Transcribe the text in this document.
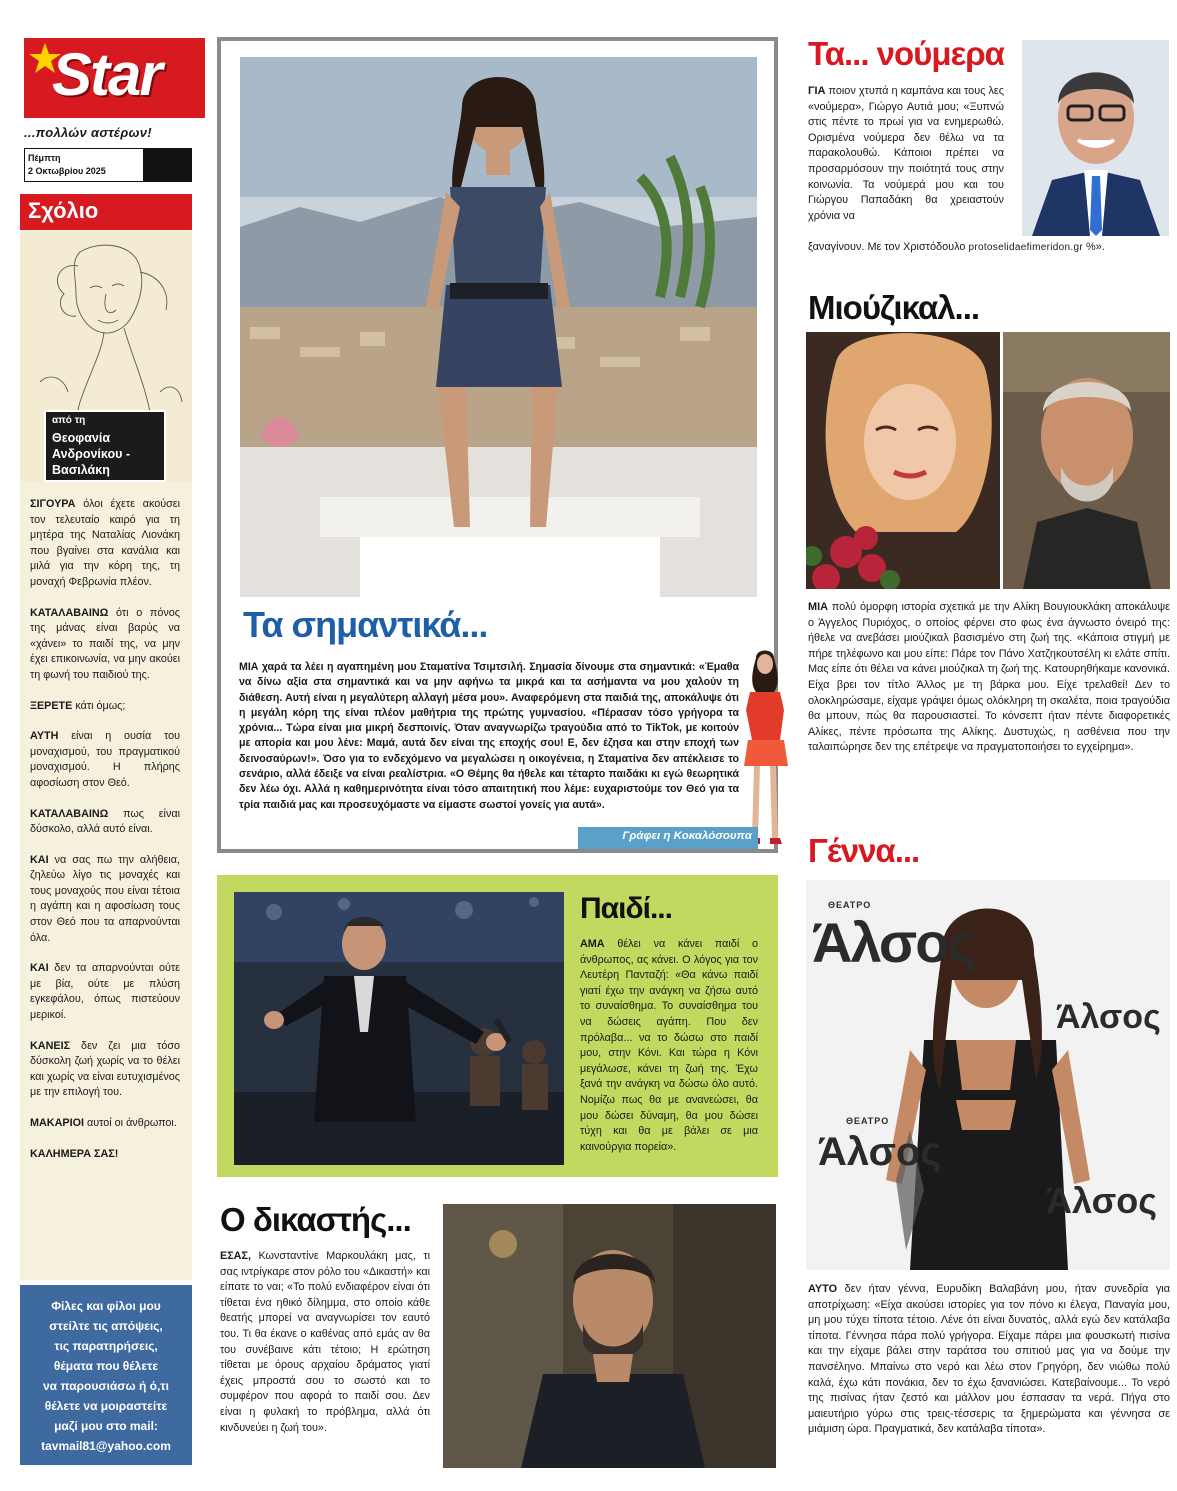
Star
...πολλών αστέρων!
Πέμπτη
2 Οκτωβρίου 2025
Σχόλιο
από τη
Θεοφανία
Ανδρονίκου -
Βασιλάκη

ΣΙΓΟΥΡΑ όλοι έχετε ακούσει τον τελευταίο καιρό για τη μητέρα της Ναταλίας Λιονάκη που βγαίνει στα κανάλια και μιλά για την κόρη της, τη μοναχή Φεβρωνία πλέον.

ΚΑΤΑΛΑΒΑΙΝΩ ότι ο πόνος της μάνας είναι βαρύς να «χάνει» το παιδί της, να μην έχει επικοινωνία, να μην ακούει τη φωνή του παιδιού της.

ΞΕΡΕΤΕ κάτι όμως;

ΑΥΤΗ είναι η ουσία του μοναχισμού, του πραγματικού μοναχισμού. Η πλήρης αφοσίωση στον Θεό.

ΚΑΤΑΛΑΒΑΙΝΩ πως είναι δύσκολο, αλλά αυτό είναι.

ΚΑΙ να σας πω την αλήθεια, ζηλεύω λίγο τις μοναχές και τους μοναχούς που είναι τέτοια η αγάπη και η αφοσίωση τους στον Θεό που τα απαρνούνται όλα.

ΚΑΙ δεν τα απαρνούνται ούτε με βία, ούτε με πλύση εγκεφάλου, όπως πιστεύουν μερικοί.

ΚΑΝΕΙΣ δεν ζει μια τόσο δύσκολη ζωή χωρίς να το θέλει και χωρίς να είναι ευτυχισμένος με την επιλογή του.

ΜΑΚΑΡΙΟΙ αυτοί οι άνθρωποι.

ΚΑΛΗΜΕΡΑ ΣΑΣ!

Φίλες και φίλοι μου
στείλτε τις απόψεις,
τις παρατηρήσεις,
θέματα που θέλετε
να παρουσιάσω ή ό,τι
θέλετε να μοιραστείτε
μαζί μου στο mail:
tavmail81@yahoo.com
Τα σημαντικά...
ΜΙΑ χαρά τα λέει η αγαπημένη μου Σταματίνα Τσιμτσιλή. Σημασία δίνουμε στα σημαντικά: «Έμαθα να δίνω αξία στα σημαντικά και να μην αφήνω τα μικρά και τα ασήμαντα να μου χαλούν τη διάθεση. Αυτή είναι η μεγαλύτερη αλλαγή μέσα μου». Αναφερόμενη στα παιδιά της, αποκάλυψε ότι η μεγάλη κόρη της είναι πλέον μαθήτρια της πρώτης γυμνασίου. «Πέρασαν τόσο γρήγορα τα χρόνια... Τώρα είναι μια μικρή δεσποινίς. Όταν αναγνωρίζω τραγούδια από το TikTok, με κοιτούν με απορία και μου λένε: Μαμά, αυτά δεν είναι της εποχής σου! Ε, δεν έζησα και στην εποχή των δεινοσαύρων!». Όσο για το ενδεχόμενο να μεγαλώσει η οικογένεια, η Σταματίνα δεν απέκλεισε το σενάριο, αλλά έδειξε να είναι ρεαλίστρια. «Ο Θέμης θα ήθελε και τέταρτο παιδάκι κι εγώ θεωρητικά δεν λέω όχι. Αλλά η καθημερινότητα είναι τόσο απαιτητική που λέμε: ευχαριστούμε τον Θεό για τα τρία παιδιά μας και προσευχόμαστε να είμαστε σωστοί γονείς για αυτά».
Γράφει η Κοκαλόσουπα
Παιδί...
ΑΜΑ θέλει να κάνει παιδί ο άνθρωπος, ας κάνει. Ο λόγος για τον Λευτέρη Πανταζή: «Θα κάνω παιδί γιατί έχω την ανάγκη να ζήσω αυτό το συναίσθημα. Το συναίσθημα του να δώσεις αγάπη. Που δεν πρόλαβα... να το δώσω στο παιδί μου, στην Κόνι. Και τώρα η Κόνι μεγάλωσε, κάνει τη ζωή της. Έχω ξανά την ανάγκη να δώσω όλο αυτό. Νομίζω πως θα με ανανεώσει, θα μου δώσει δύναμη, θα μου δώσει τύχη και θα με βάλει σε μια καινούργια πορεία».
Ο δικαστής...
ΕΣΑΣ, Κωνσταντίνε Μαρκουλάκη μας, τι σας ιντρίγκαρε στον ρόλο του «Δικαστή» και είπατε το ναι; «Το πολύ ενδιαφέρον είναι ότι τίθεται ένα ηθικό δίλημμα, στο οποίο κάθε θεατής μπορεί να αναγνωρίσει τον εαυτό του. Τι θα έκανε ο καθένας από εμάς αν θα του συνέβαινε κάτι τέτοιο; Η ερώτηση τίθεται με όρους αρχαίου δράματος γιατί έχεις μπροστά σου το σωστό και το συμφέρον που αφορά το παιδί σου. Δεν είναι η φυλακή το πρόβλημα, αλλά ότι κινδυνεύει η ζωή του».
Τα... νούμερα
ΓΙΑ ποιον χτυπά η καμπάνα και τους λες «νούμερα», Γιώργο Αυτιά μου; «Ξυπνώ στις πέντε το πρωί για να ενημερωθώ. Ορισμένα νούμερα δεν θέλω να τα παρακολουθώ. Κάποιοι πρέπει να προσαρμόσουν την ποιότητά τους στην κοινωνία. Τα νούμερά μου και του Γιώργου Παπαδάκη θα χρειαστούν χρόνια να
ξαναγίνουν. Με τον Χριστόδουλο protoselidaefimeridon.gr %».
Μιούζικαλ...
ΜΙΑ πολύ όμορφη ιστορία σχετικά με την Αλίκη Βουγιουκλάκη αποκάλυψε ο Άγγελος Πυριόχος, ο οποίος φέρνει στο φως ένα άγνωστο όνειρό της: ήθελε να ανεβάσει μιούζικαλ βασισμένο στη ζωή της. «Κάποια στιγμή με πήρε τηλέφωνο και μου είπε: Πάρε τον Πάνο Χατζηκουτσέλη κι ελάτε σπίτι. Μας είπε ότι θέλει να κάνει μιούζικαλ τη ζωή της. Κατουρηθήκαμε κανονικά. Είχα βρει τον τίτλο Άλλος με τη βάρκα μου. Είχε τρελαθεί! Δεν το ολοκληρώσαμε, είχαμε γράψει όμως ολόκληρη τη σκαλέτα, ποια τραγούδια θα μπουν, πώς θα παρουσιαστεί. Το κόνσεπτ ήταν πέντε διαφορετικές Αλίκες, πέντε πρόσωπα της Αλίκης. Δυστυχώς, η ασθένεια που την ταλαιπώρησε δεν της επέτρεψε να πραγματοποιήσει το εγχείρημα».
Γέννα...
Άλσος
Άλσος
Άλσος
Άλσος
ΘΕΑΤΡΟ
ΘΕΑΤΡΟ
ΑΥΤΟ δεν ήταν γέννα, Ευρυδίκη Βαλαβάνη μου, ήταν συνεδρία για αποτρίχωση: «Είχα ακούσει ιστορίες για τον πόνο κι έλεγα, Παναγία μου, μη μου τύχει τίποτα τέτοιο. Λένε ότι είναι δυνατός, αλλά εγώ δεν κατάλαβα τίποτα. Γέννησα πάρα πολύ γρήγορα. Είχαμε πάρει μια φουσκωτή πισίνα και την είχαμε βάλει στην ταράτσα του σπιτιού μας για να δούμε την πανσέληνο. Μπαίνω στο νερό και λέω στον Γρηγόρη, δεν νιώθω πολύ καλά, έχω κάτι πονάκια, δεν το έχω ξανανιώσει. Κατεβαίνουμε... Το νερό της πισίνας ήταν ζεστό και μάλλον μου έσπασαν τα νερά. Πήγα στο μαιευτήριο γύρω στις τρεις-τέσσερις τα ξημερώματα και γέννησα σε μιάμιση ώρα. Πραγματικά, δεν κατάλαβα τίποτα».
